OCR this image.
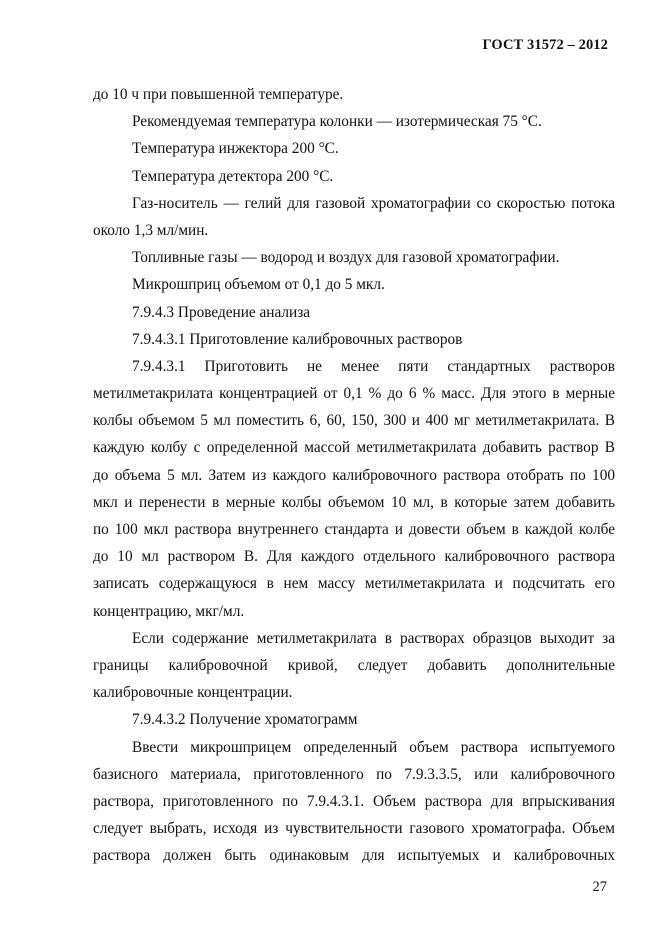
ГОСТ 31572 – 2012
до 10 ч при повышенной температуре.
Рекомендуемая температура колонки — изотермическая 75 °С.
Температура инжектора 200 °С.
Температура детектора 200 °С.
Газ-носитель — гелий для газовой хроматографии со скоростью потока
около 1,3 мл/мин.
Топливные газы — водород и воздух для газовой хроматографии.
Микрошприц объемом от 0,1 до 5 мкл.
7.9.4.3 Проведение анализа
7.9.4.3.1 Приготовление калибровочных растворов
7.9.4.3.1 Приготовить не менее пяти стандартных растворов
метилметакрилата концентрацией от 0,1 % до 6 % масс. Для этого в мерные
колбы объемом 5 мл поместить 6, 60, 150, 300 и 400 мг метилметакрилата. В
каждую колбу с определенной массой метилметакрилата добавить раствор В
до объема 5 мл. Затем из каждого калибровочного раствора отобрать по 100
мкл и перенести в мерные колбы объемом 10 мл, в которые затем добавить
по 100 мкл раствора внутреннего стандарта и довести объем в каждой колбе
до 10 мл раствором В. Для каждого отдельного калибровочного раствора
записать содержащуюся в нем массу метилметакрилата и подсчитать его
концентрацию, мкг/мл.
Если содержание метилметакрилата в растворах образцов выходит за
границы калибровочной кривой, следует добавить дополнительные
калибровочные концентрации.
7.9.4.3.2 Получение хроматограмм
Ввести микрошприцем определенный объем раствора испытуемого
базисного материала, приготовленного по 7.9.3.3.5, или калибровочного
раствора, приготовленного по 7.9.4.3.1. Объем раствора для впрыскивания
следует выбрать, исходя из чувствительности газового хроматографа. Объем
раствора должен быть одинаковым для испытуемых и калибровочных
27
